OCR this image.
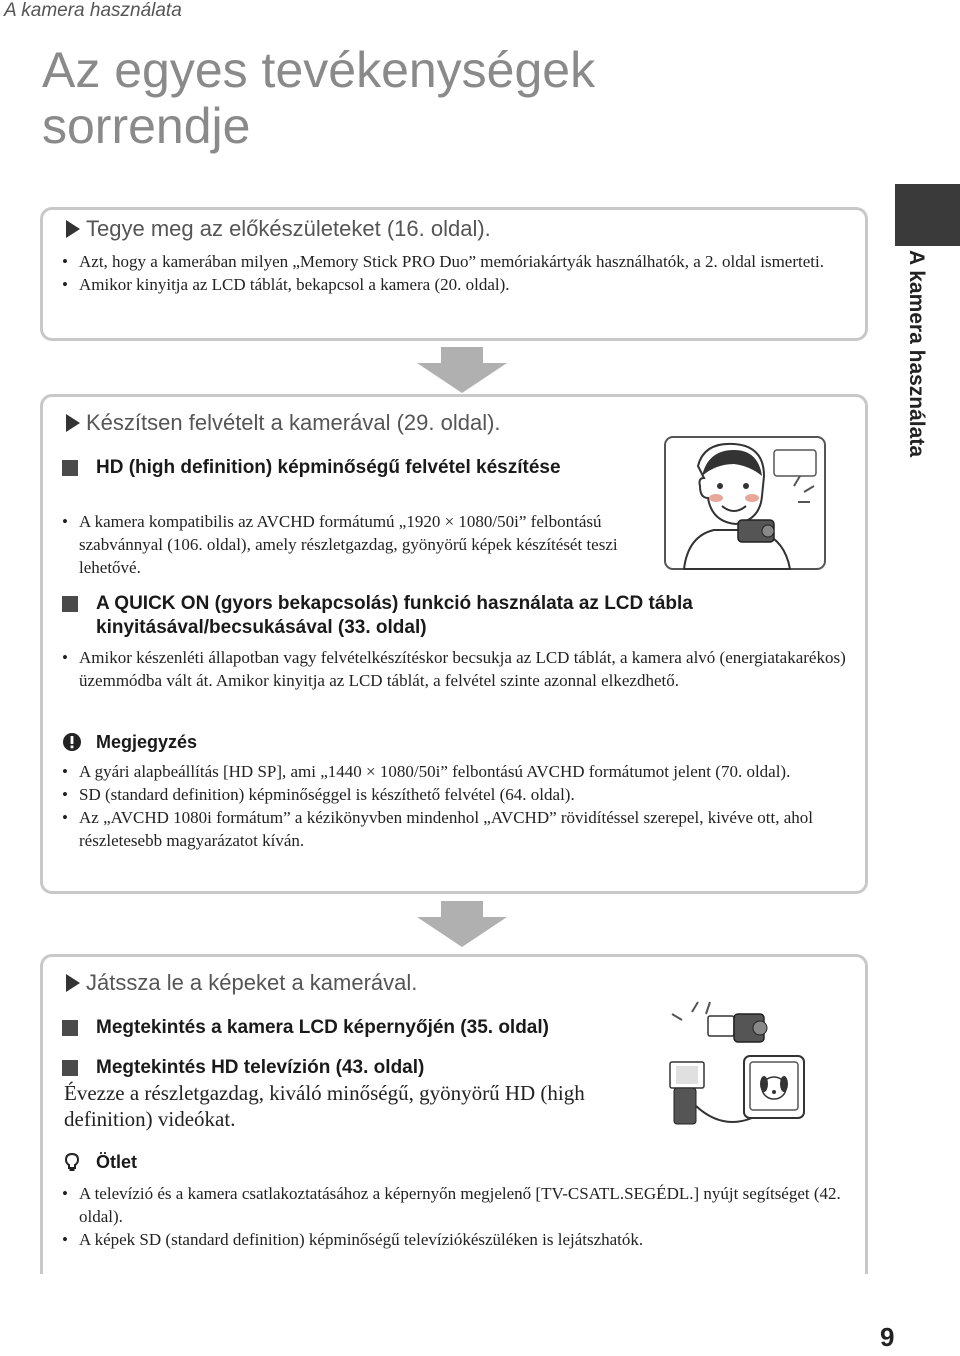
A kamera használata
Az egyes tevékenységek sorrendje
A kamera használata
Tegye meg az előkészületeket (16. oldal).
• Azt, hogy a kamerában milyen „Memory Stick PRO Duo” memóriakártyák használhatók, a 2. oldal ismerteti.
• Amikor kinyitja az LCD táblát, bekapcsol a kamera (20. oldal).
Készítsen felvételt a kamerával (29. oldal).
HD (high definition) képminőségű felvétel készítése
• A kamera kompatibilis az AVCHD formátumú „1920 × 1080/50i” felbontású szabvánnyal (106. oldal), amely részletgazdag, gyönyörű képek készítését teszi lehetővé.
A QUICK ON (gyors bekapcsolás) funkció használata az LCD tábla kinyitásával/becsukásával (33. oldal)
• Amikor készenléti állapotban vagy felvételkészítéskor becsukja az LCD táblát, a kamera alvó (energiatakarékos) üzemmódba vált át. Amikor kinyitja az LCD táblát, a felvétel szinte azonnal elkezdhető.
Megjegyzés
• A gyári alapbeállítás [HD SP], ami „1440 × 1080/50i” felbontású AVCHD formátumot jelent (70. oldal).
• SD (standard definition) képminőséggel is készíthető felvétel (64. oldal).
• Az „AVCHD 1080i formátum” a kézikönyvben mindenhol „AVCHD” rövidítéssel szerepel, kivéve ott, ahol részletesebb magyarázatot kíván.
Játssza le a képeket a kamerával.
Megtekintés a kamera LCD képernyőjén (35. oldal)
Megtekintés HD televízión (43. oldal)
Évezze a részletgazdag, kiváló minőségű, gyönyörű HD (high definition) videókat.
Ötlet
• A televízió és a kamera csatlakoztatásához a képernyőn megjelenő [TV-CSATL.SEGÉDL.] nyújt segítséget (42. oldal).
• A képek SD (standard definition) képminőségű televíziókészüléken is lejátszhatók.
9
